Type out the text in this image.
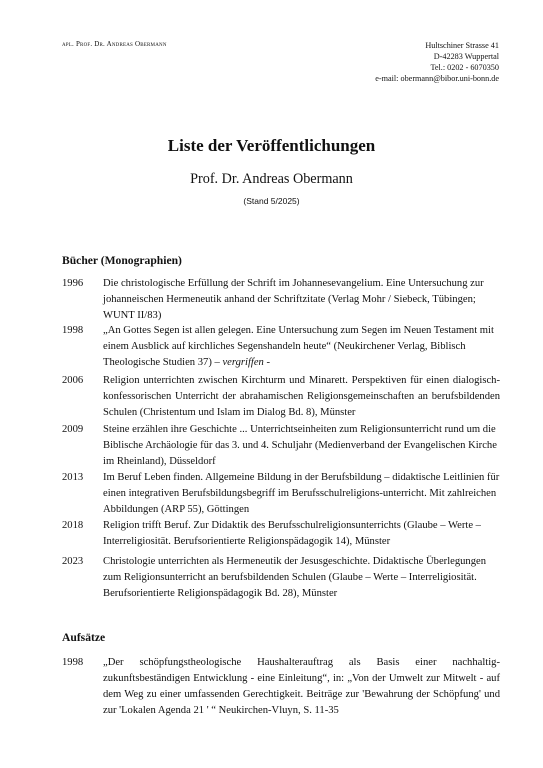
apl. Prof. Dr. Andreas Obermann	Hultschiner Strasse 41
D-42283 Wuppertal
Tel.: 0202 - 6070350
e-mail: obermann@bibor.uni-bonn.de
Liste der Veröffentlichungen
Prof. Dr. Andreas Obermann
(Stand 5/2025)
Bücher (Monographien)
1996 Die christologische Erfüllung der Schrift im Johannesevangelium. Eine Untersuchung zur johanneischen Hermeneutik anhand der Schriftzitate (Verlag Mohr / Siebeck, Tübingen; WUNT II/83)
1998 „An Gottes Segen ist allen gelegen. Eine Untersuchung zum Segen im Neuen Testament mit einem Ausblick auf kirchliches Segenshandeln heute“ (Neukirchener Verlag, Biblisch Theologische Studien 37) – vergriffen -
2006 Religion unterrichten zwischen Kirchturm und Minarett. Perspektiven für einen dialogisch-konfessorischen Unterricht der abrahamischen Religionsgemeinschaften an berufsbildenden Schulen (Christentum und Islam im Dialog Bd. 8), Münster
2009 Steine erzählen ihre Geschichte ... Unterrichtseinheiten zum Religionsunterricht rund um die Biblische Archäologie für das 3. und 4. Schuljahr (Medienverband der Evangelischen Kirche im Rheinland), Düsseldorf
2013 Im Beruf Leben finden. Allgemeine Bildung in der Berufsbildung – didaktische Leitlinien für einen integrativen Berufsbildungsbegriff im Berufsschulreligions-unterricht. Mit zahlreichen Abbildungen (ARP 55), Göttingen
2018 Religion trifft Beruf. Zur Didaktik des Berufsschulreligionsunterrichts (Glaube – Werte – Interreligiosität. Berufsorientierte Religionspädagogik 14), Münster
2023 Christologie unterrichten als Hermeneutik der Jesusgeschichte. Didaktische Überlegungen zum Religionsunterricht an berufsbildenden Schulen (Glaube – Werte – Interreligiosität. Berufsorientierte Religionspädagogik Bd. 28), Münster
Aufsätze
1998 „Der schöpfungstheologische Haushalterauftrag als Basis einer nachhaltig-zukunftsbeständigen Entwicklung - eine Einleitung“, in: „Von der Umwelt zur Mitwelt - auf dem Weg zu einer umfassenden Gerechtigkeit. Beiträge zur 'Bewahrung der Schöpfung' und zur 'Lokalen Agenda 21 ' “ Neukirchen-Vluyn, S. 11-35
